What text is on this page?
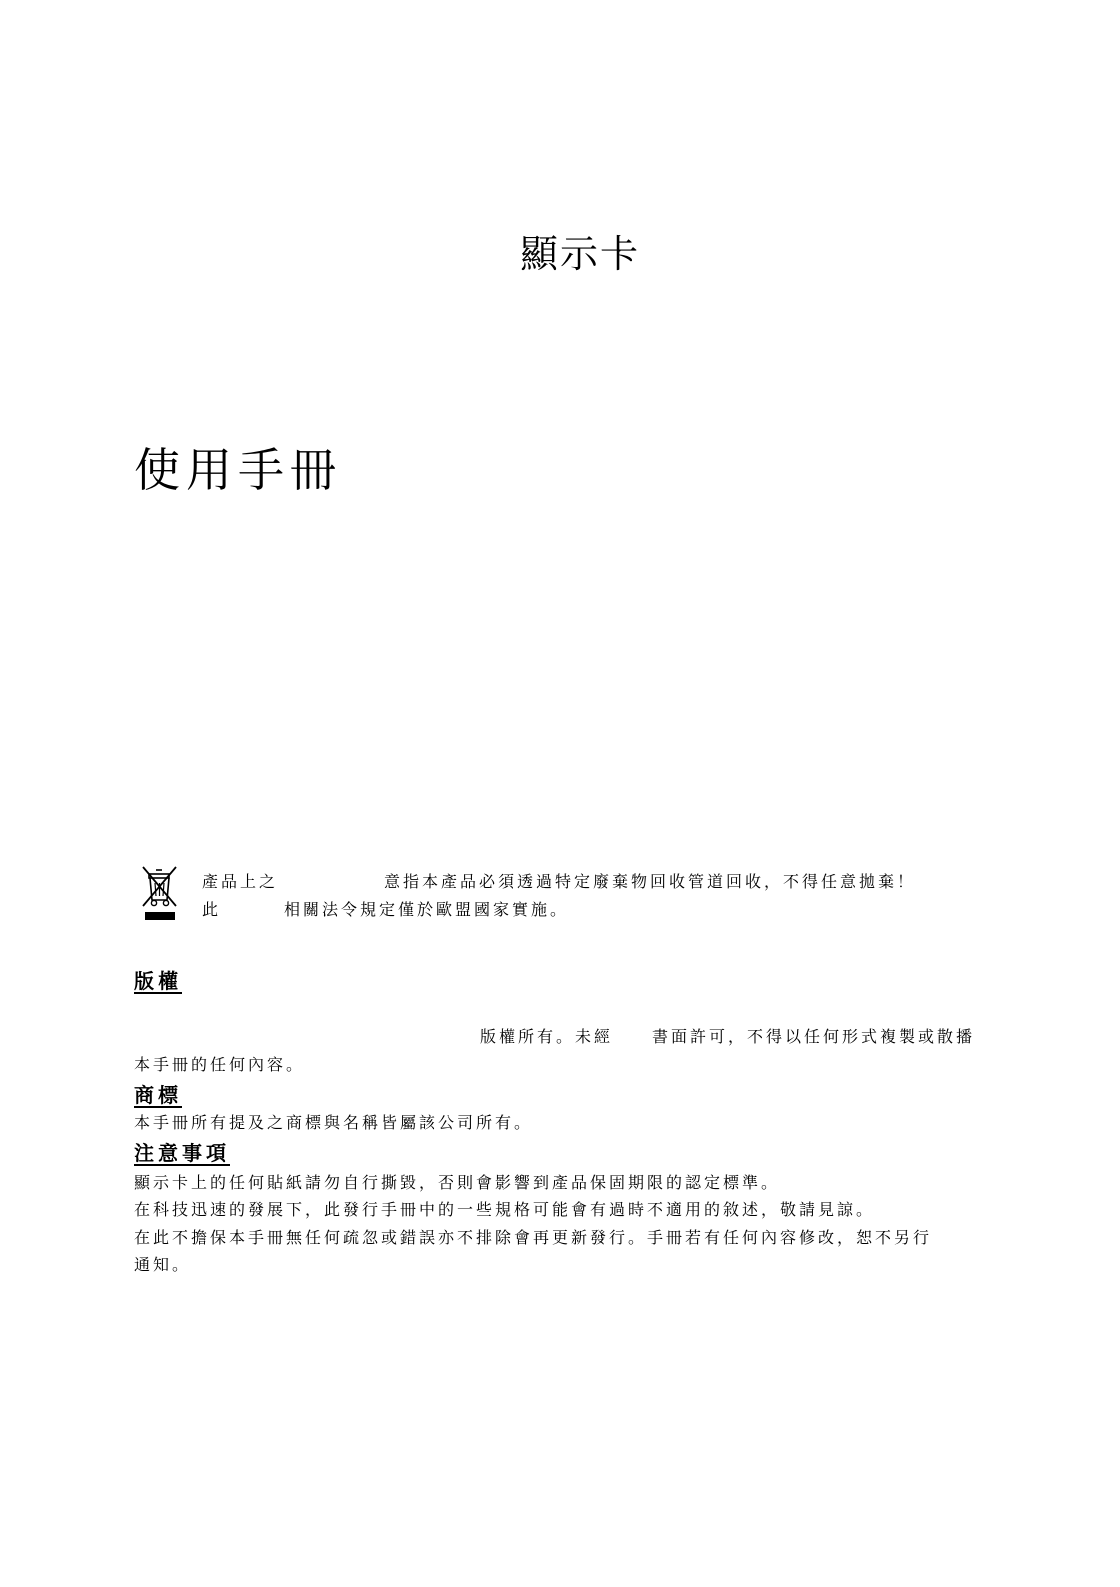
顯示卡
使用手冊
產品上之	意指本產品必須透過特定廢棄物回收管道回收，不得任意拋棄！
此	相關法令規定僅於歐盟國家實施。
版權
版權所有。未經 書面許可，不得以任何形式複製或散播
本手冊的任何內容。
商標
本手冊所有提及之商標與名稱皆屬該公司所有。
注意事項
顯示卡上的任何貼紙請勿自行撕毀，否則會影響到產品保固期限的認定標準。
在科技迅速的發展下，此發行手冊中的一些規格可能會有過時不適用的敘述，敬請見諒。
在此不擔保本手冊無任何疏忽或錯誤亦不排除會再更新發行。手冊若有任何內容修改，恕不另行
通知。
